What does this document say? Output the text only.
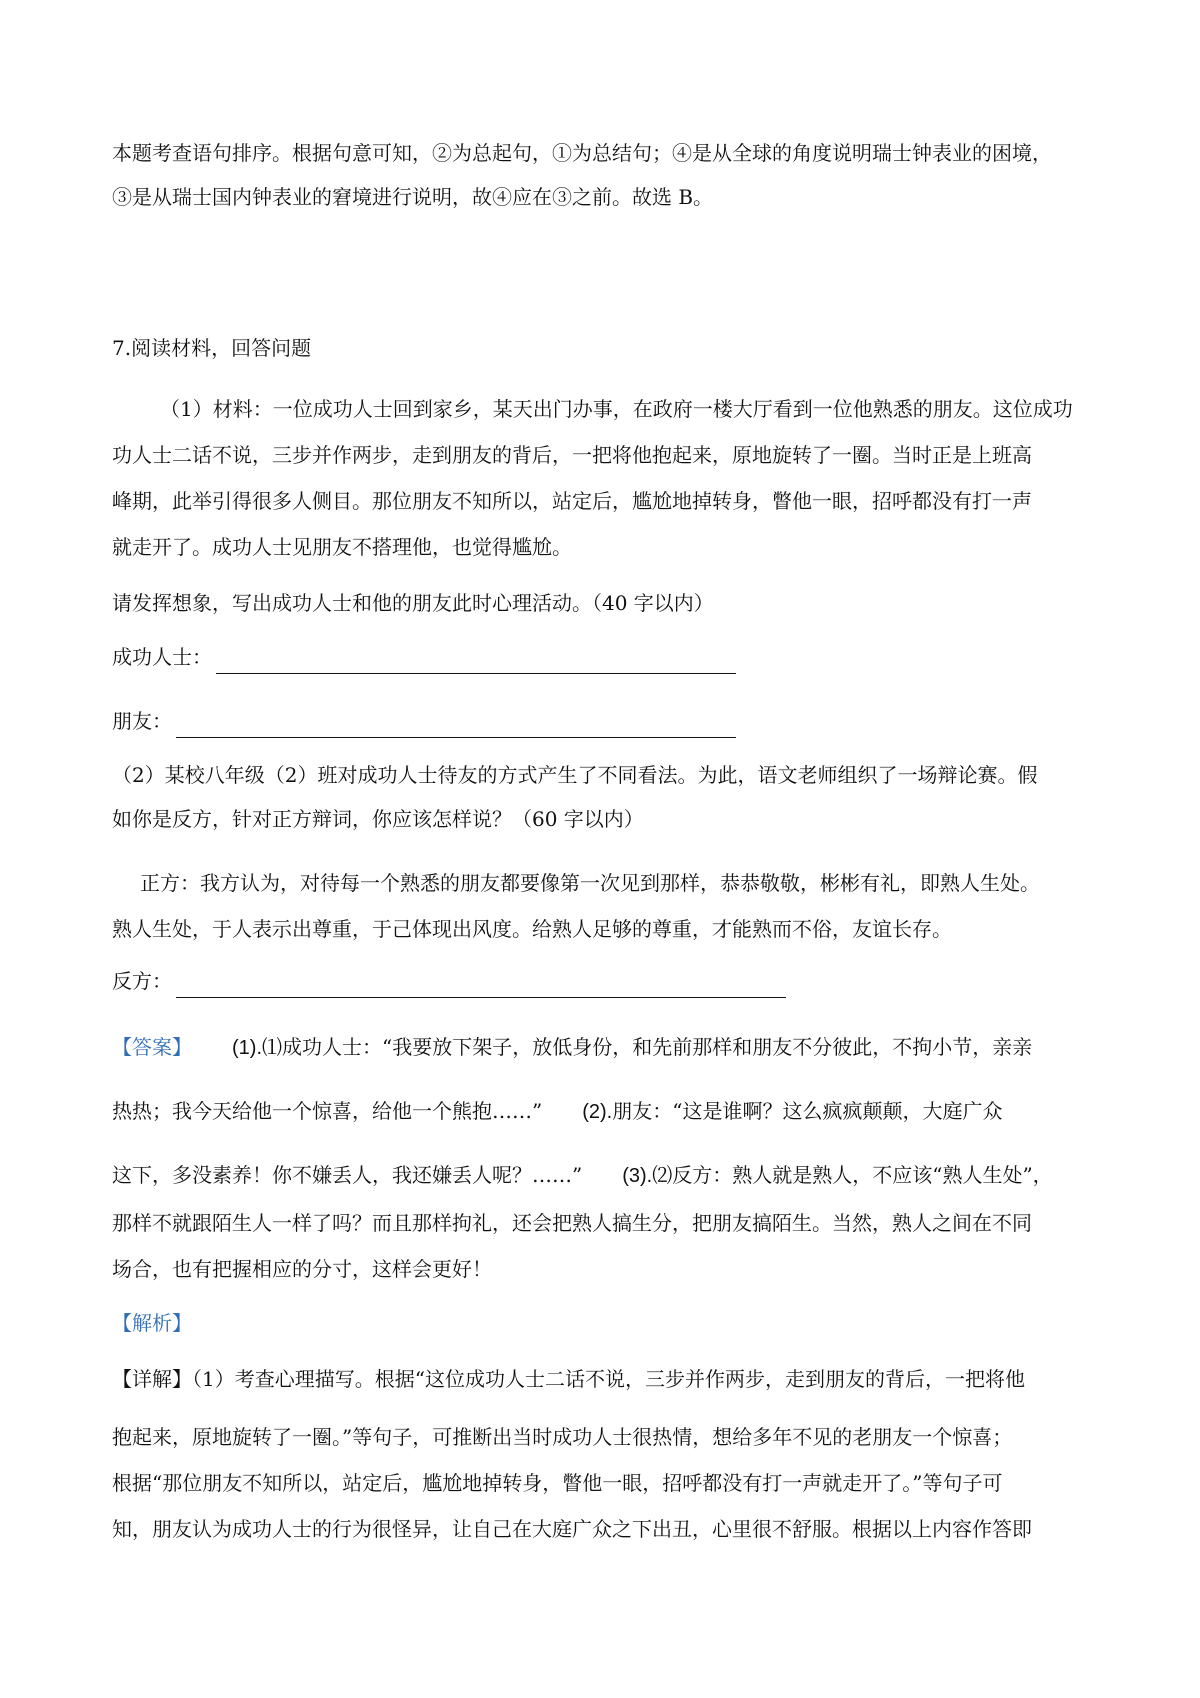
本题考查语句排序。根据句意可知，②为总起句，①为总结句；④是从全球的角度说明瑞士钟表业的困境，
③是从瑞士国内钟表业的窘境进行说明，故④应在③之前。故选 B。
7.阅读材料，回答问题
（1）材料：一位成功人士回到家乡，某天出门办事，在政府一楼大厅看到一位他熟悉的朋友。这位成功
功人士二话不说，三步并作两步，走到朋友的背后，一把将他抱起来，原地旋转了一圈。当时正是上班高
峰期，此举引得很多人侧目。那位朋友不知所以，站定后，尴尬地掉转身，瞥他一眼，招呼都没有打一声
就走开了。成功人士见朋友不搭理他，也觉得尴尬。
请发挥想象，写出成功人士和他的朋友此时心理活动。（40 字以内）
成功人士：
朋友：
（2）某校八年级（2）班对成功人士待友的方式产生了不同看法。为此，语文老师组织了一场辩论赛。假
如你是反方，针对正方辩词，你应该怎样说？（60 字以内）
正方：我方认为，对待每一个熟悉的朋友都要像第一次见到那样，恭恭敬敬，彬彬有礼，即熟人生处。
熟人生处，于人表示出尊重，于己体现出风度。给熟人足够的尊重，才能熟而不俗，友谊长存。
反方：
【答案】 (1).⑴成功人士：“我要放下架子，放低身份，和先前那样和朋友不分彼此，不拘小节，亲亲
热热；我今天给他一个惊喜，给他一个熊抱……” (2).朋友：“这是谁啊？这么疯疯颠颠，大庭广众
这下，多没素养！你不嫌丢人，我还嫌丢人呢？……” (3).⑵反方：熟人就是熟人，不应该“熟人生处”，
那样不就跟陌生人一样了吗？而且那样拘礼，还会把熟人搞生分，把朋友搞陌生。当然，熟人之间在不同
场合，也有把握相应的分寸，这样会更好！
【解析】
【详解】（1）考查心理描写。根据“这位成功人士二话不说，三步并作两步，走到朋友的背后，一把将他
抱起来，原地旋转了一圈。”等句子，可推断出当时成功人士很热情，想给多年不见的老朋友一个惊喜；
根据“那位朋友不知所以，站定后，尴尬地掉转身，瞥他一眼，招呼都没有打一声就走开了。”等句子可
知，朋友认为成功人士的行为很怪异，让自己在大庭广众之下出丑，心里很不舒服。根据以上内容作答即
